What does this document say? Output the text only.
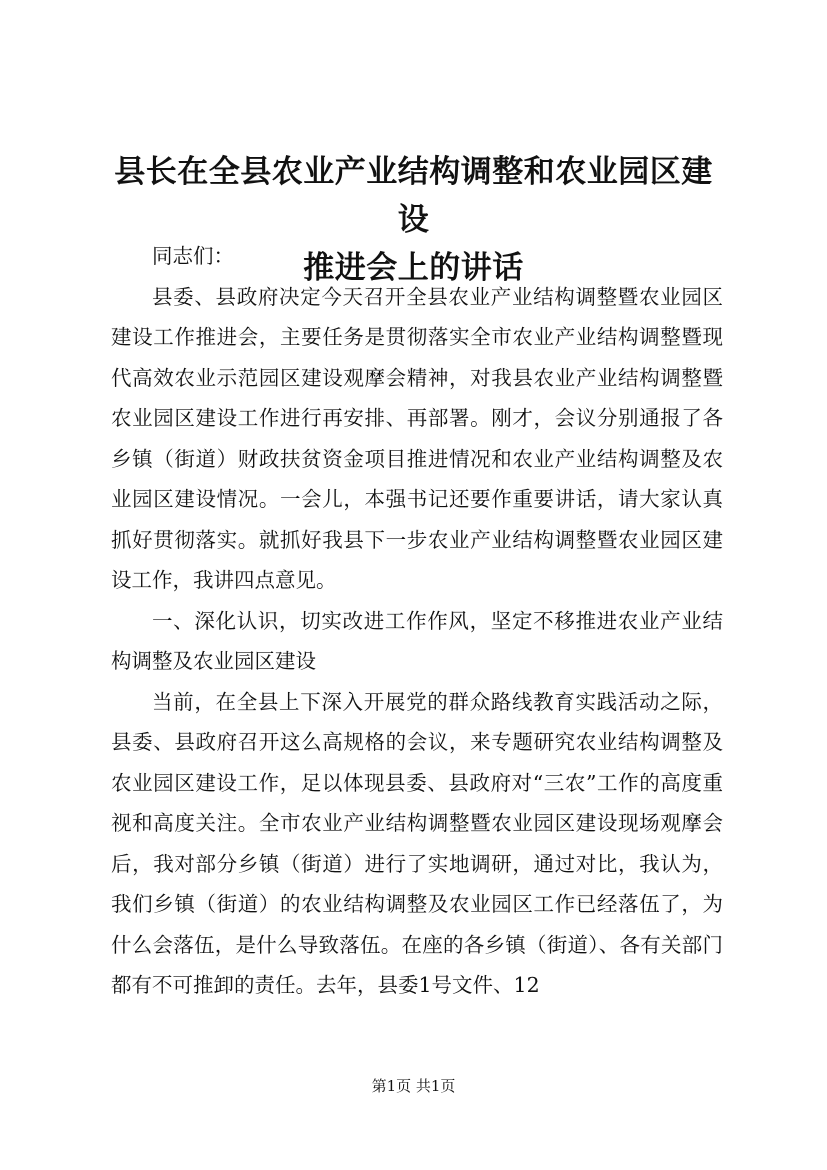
县长在全县农业产业结构调整和农业园区建设
推进会上的讲话

同志们：

县委、县政府决定今天召开全县农业产业结构调整暨农业园区建设工作推进会，主要任务是贯彻落实全市农业产业结构调整暨现代高效农业示范园区建设观摩会精神，对我县农业产业结构调整暨农业园区建设工作进行再安排、再部署。刚才，会议分别通报了各乡镇（街道）财政扶贫资金项目推进情况和农业产业结构调整及农业园区建设情况。一会儿，本强书记还要作重要讲话，请大家认真抓好贯彻落实。就抓好我县下一步农业产业结构调整暨农业园区建设工作，我讲四点意见。

一、深化认识，切实改进工作作风，坚定不移推进农业产业结构调整及农业园区建设

当前，在全县上下深入开展党的群众路线教育实践活动之际，县委、县政府召开这么高规格的会议，来专题研究农业结构调整及农业园区建设工作，足以体现县委、县政府对“三农”工作的高度重视和高度关注。全市农业产业结构调整暨农业园区建设现场观摩会后，我对部分乡镇（街道）进行了实地调研，通过对比，我认为，我们乡镇（街道）的农业结构调整及农业园区工作已经落伍了，为什么会落伍，是什么导致落伍。在座的各乡镇（街道）、各有关部门都有不可推卸的责任。去年，县委1号文件、12

第1页 共1页
